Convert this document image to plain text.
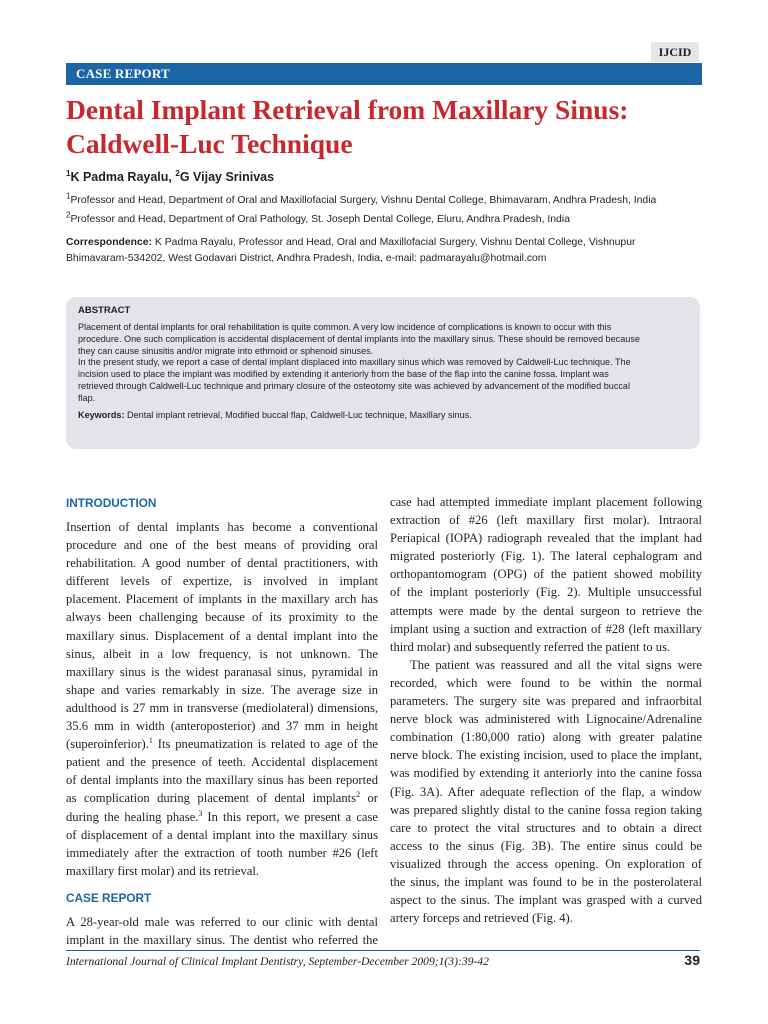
IJCID
CASE REPORT
Dental Implant Retrieval from Maxillary Sinus:
Caldwell-Luc Technique
$^1$K Padma Rayalu, $^2$G Vijay Srinivas
$^1$Professor and Head, Department of Oral and Maxillofacial Surgery, Vishnu Dental College, Bhimavaram, Andhra Pradesh, India
$^2$Professor and Head, Department of Oral Pathology, St. Joseph Dental College, Eluru, Andhra Pradesh, India
Correspondence: K Padma Rayalu, Professor and Head, Oral and Maxillofacial Surgery, Vishnu Dental College, Vishnupur
Bhimavaram-534202, West Godavari District, Andhra Pradesh, India, e-mail: padmarayalu@hotmail.com
ABSTRACT
Placement of dental implants for oral rehabilitation is quite common. A very low incidence of complications is known to occur with this
procedure. One such complication is accidental displacement of dental implants into the maxillary sinus. These should be removed because
they can cause sinusitis and/or migrate into ethmoid or sphenoid sinuses.
In the present study, we report a case of dental implant displaced into maxillary sinus which was removed by Caldwell-Luc technique. The
incision used to place the implant was modified by extending it anteriorly from the base of the flap into the canine fossa. Implant was
retrieved through Caldwell-Luc technique and primary closure of the osteotomy site was achieved by advancement of the modified buccal
flap.
Keywords: Dental implant retrieval, Modified buccal flap, Caldwell-Luc technique, Maxillary sinus.
INTRODUCTION
Insertion of dental implants has become a conventional
procedure and one of the best means of providing oral
rehabilitation. A good number of dental practitioners, with
different levels of expertize, is involved in implant
placement. Placement of implants in the maxillary arch has
always been challenging because of its proximity to the
maxillary sinus. Displacement of a dental implant into the
sinus, albeit in a low frequency, is not unknown. The
maxillary sinus is the widest paranasal sinus, pyramidal in
shape and varies remarkably in size. The average size in
adulthood is 27 mm in transverse (mediolateral) dimensions,
35.6 mm in width (anteroposterior) and 37 mm in height
(superoinferior).$^1$ Its pneumatization is related to age of the
patient and the presence of teeth. Accidental displacement
of dental implants into the maxillary sinus has been reported
as complication during placement of dental implants$^2$ or
during the healing phase.$^3$ In this report, we present a case
of displacement of a dental implant into the maxillary sinus
immediately after the extraction of tooth number #26 (left
maxillary first molar) and its retrieval.
CASE REPORT
A 28-year-old male was referred to our clinic with dental
implant in the maxillary sinus. The dentist who referred the
case had attempted immediate implant placement following
extraction of #26 (left maxillary first molar). Intraoral
Periapical (IOPA) radiograph revealed that the implant had
migrated posteriorly (Fig. 1). The lateral cephalogram and
orthopantomogram (OPG) of the patient showed mobility
of the implant posteriorly (Fig. 2). Multiple unsuccessful
attempts were made by the dental surgeon to retrieve the
implant using a suction and extraction of #28 (left maxillary
third molar) and subsequently referred the patient to us.
The patient was reassured and all the vital signs were
recorded, which were found to be within the normal
parameters. The surgery site was prepared and infraorbital
nerve block was administered with Lignocaine/Adrenaline
combination (1:80,000 ratio) along with greater palatine
nerve block. The existing incision, used to place the implant,
was modified by extending it anteriorly into the canine fossa
(Fig. 3A). After adequate reflection of the flap, a window
was prepared slightly distal to the canine fossa region taking
care to protect the vital structures and to obtain a direct
access to the sinus (Fig. 3B). The entire sinus could be
visualized through the access opening. On exploration of
the sinus, the implant was found to be in the posterolateral
aspect to the sinus. The implant was grasped with a curved
artery forceps and retrieved (Fig. 4).
International Journal of Clinical Implant Dentistry, September-December 2009;1(3):39-42	39
